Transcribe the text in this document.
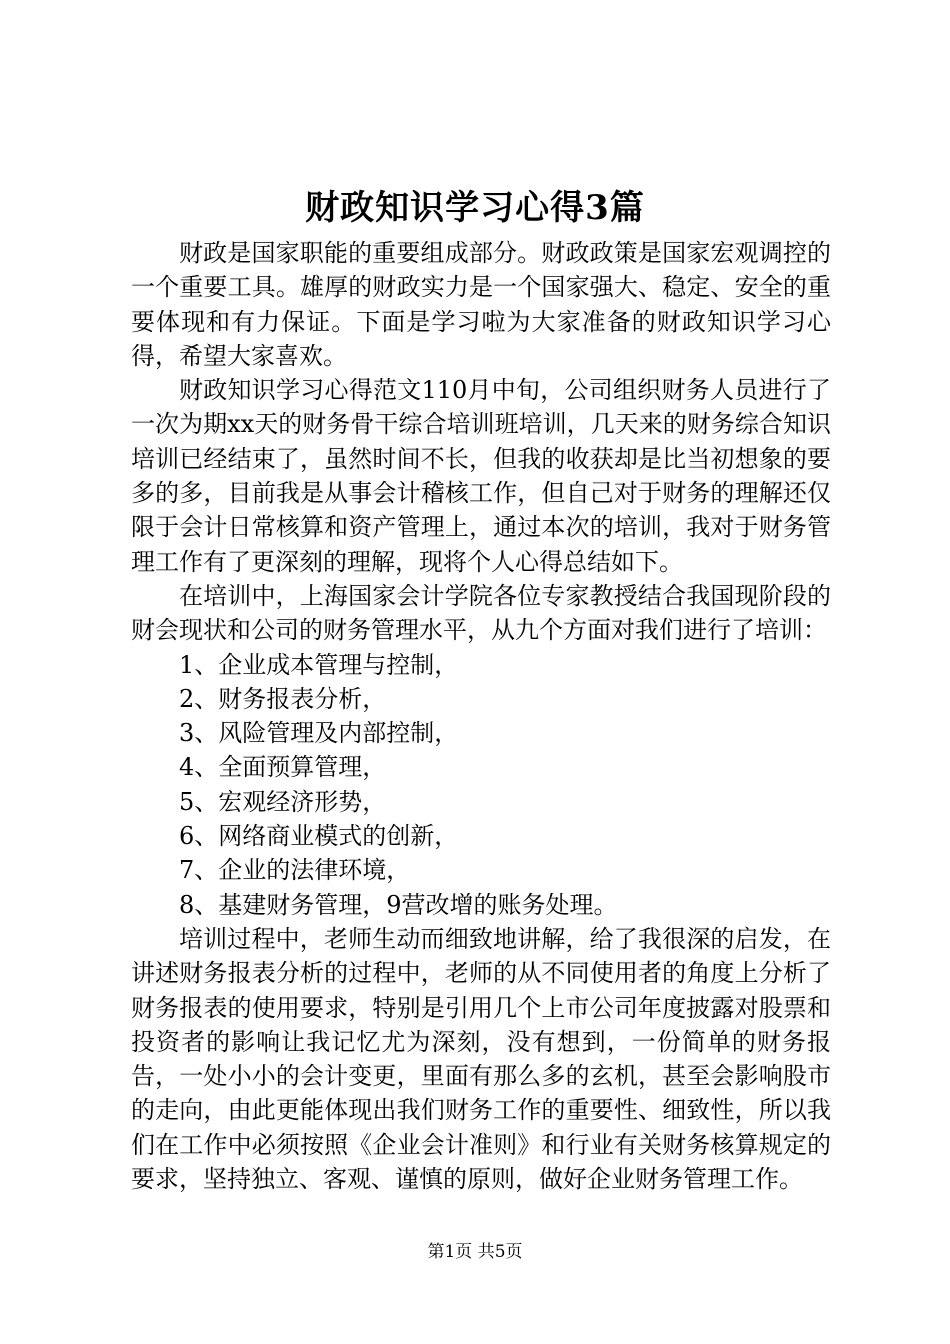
财政知识学习心得3篇

财政是国家职能的重要组成部分。财政政策是国家宏观调控的一个重要工具。雄厚的财政实力是一个国家强大、稳定、安全的重要体现和有力保证。下面是学习啦为大家准备的财政知识学习心得，希望大家喜欢。

财政知识学习心得范文110月中旬，公司组织财务人员进行了一次为期xx天的财务骨干综合培训班培训，几天来的财务综合知识培训已经结束了，虽然时间不长，但我的收获却是比当初想象的要多的多，目前我是从事会计稽核工作，但自己对于财务的理解还仅限于会计日常核算和资产管理上，通过本次的培训，我对于财务管理工作有了更深刻的理解，现将个人心得总结如下。

在培训中，上海国家会计学院各位专家教授结合我国现阶段的财会现状和公司的财务管理水平，从九个方面对我们进行了培训：

1、企业成本管理与控制，

2、财务报表分析，

3、风险管理及内部控制，

4、全面预算管理，

5、宏观经济形势，

6、网络商业模式的创新，

7、企业的法律环境，

8、基建财务管理，9营改增的账务处理。

培训过程中，老师生动而细致地讲解，给了我很深的启发，在讲述财务报表分析的过程中，老师的从不同使用者的角度上分析了财务报表的使用要求，特别是引用几个上市公司年度披露对股票和投资者的影响让我记忆尤为深刻，没有想到，一份简单的财务报告，一处小小的会计变更，里面有那么多的玄机，甚至会影响股市的走向，由此更能体现出我们财务工作的重要性、细致性，所以我们在工作中必须按照《企业会计准则》和行业有关财务核算规定的要求，坚持独立、客观、谨慎的原则，做好企业财务管理工作。

第1页 共5页
